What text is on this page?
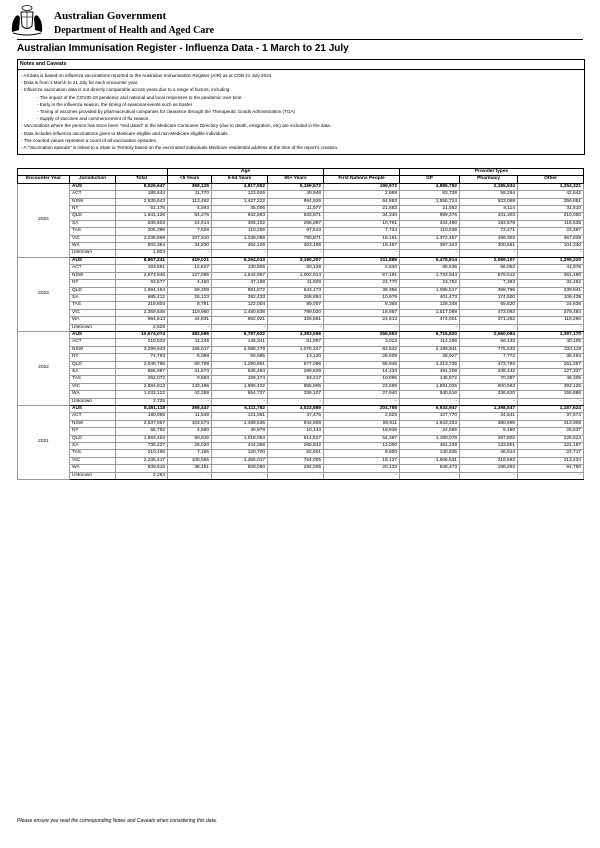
Australian Government
Department of Health and Aged Care
Australian Immunisation Register - Influenza Data - 1 March to 21 July
Notes and Caveats
- All data is based on influenza vaccinations reported to the Australian Immunisation Register (AIR) as at COB 21 July 2024.
- Data is from 1 March to 21 July for each encounter year.
- Influenza vaccination data is not directly comparable across years due to a range of factors, including:
- The impact of the COVID-19 pandemic and national and local responses to the pandemic over time
- Early in the influenza season, the timing of seasonal events such as Easter
- Timing of vaccines provided by pharmaceutical companies for clearance through the Therapeutic Goods Administration (TGA)
- Supply of vaccines and commencement of flu season.
- Vaccinations where the person has since been "end dated" in the Medicare Consumer Directory (due to death, emigration, etc) are included in the data.
- Data includes influenza vaccinations given to Medicare eligible and non-Medicare eligible individuals.
- The counted values represent a count of all vaccination episodes.
- A "Vaccination episode" is linked to a State or Territory based on the vaccinated individuals Medicare residential address at the time of the report's creation.
			Age				Provider types		
Encounter Year	Jurisdiction	Total	<5 Years	5-64 Years	65+ Years	First Nations People	GP	Pharmacy	Other
2024	AUS	8,526,647	369,125	4,817,952	5,159,572	199,972	4,886,792	2,185,534	1,254,321
	ACT	185,644	11,770	123,926	49,948	2,668	83,738	59,264	42,642
	NSW	2,535,643	113,462	1,427,222	994,926	64,683	1,555,724	623,068	356,851
	NT	61,176	4,593	45,006	11,577	21,683	21,552	8,114	31,510
	QLD	1,641,126	64,275	942,683	633,871	34,340	999,376	431,303	210,050
	SA	636,603	24,614	365,102	266,887	10,751	344,490	193,578	118,535
	TAS	205,396	7,628	110,255	87,513	7,734	110,538	72,471	22,387
	VIC	2,236,859	107,910	1,338,088	790,871	18,191	1,372,457	499,303	367,839
	WA	802,364	34,830	464,126	303,405	19,467	397,343	300,681	104,340
	Unknown	1,803	-	-	-	-	-	-	-
2023	AUS	8,867,241	419,021	5,264,013	3,190,207	211,886	5,478,914	2,089,107	1,299,220
	ACT	193,561	12,627	130,805	50,129	2,640	95,535	56,052	41,976
	NSW	2,673,946	127,065	1,544,967	1,002,914	67,191	1,733,944	579,512	361,490
	NT	63,577	4,460	47,188	11,929	22,770	23,752	7,363	32,462
	QLD	1,694,154	69,309	981,872	643,173	36,356	1,085,517	368,796	239,841
	SA	685,412	26,123	392,433	266,854	10,979	401,473	174,500	109,439
	TAS	219,804	8,791	122,004	89,007	8,368	128,348	65,820	24,636
	VIC	2,369,646	119,960	1,450,636	799,020	18,857	1,517,069	473,093	379,484
	WA	964,613	44,831	592,921	326,861	24,613	474,001	371,252	119,260
	Unknown	2,528	-	-	-	-	-	-	-
2022	AUS	10,674,074	482,596	6,797,922	3,393,556	255,553	6,716,820	2,560,084	1,397,170
	ACT	210,533	11,245	145,341	51,897	3,013	114,295	56,133	40,105
	NSW	3,299,643	156,017	2,068,279	1,075,347	82,542	2,189,941	775,533	334,119
	NT	74,793	5,088	56,585	13,120	28,009	28,927	7,772	38,494
	QLD	2,048,786	80,799	1,290,891	677,096	65,946	1,313,736	473,793	261,257
	SA	856,987	31,674	535,484	289,829	14,234	491,208	238,442	127,337
	TAS	262,072	9,683	159,174	93,417	10,095	145,972	70,387	46,305
	VIC	2,884,813	143,486	1,885,422	855,905	23,599	1,891,025	600,663	393,125
	WA	1,033,122	42,288	654,727	336,107	27,940	540,616	336,620	155,886
	Unknown	2,725	-	-	-	-	-	-	-
2021	AUS	8,491,118	355,447	5,111,782	3,023,889	204,755	5,934,947	1,398,547	1,157,624
	ACT	180,085	11,549	121,061	47,475	2,629	107,770	34,641	37,674
	NSW	2,537,957	103,574	1,489,535	944,808	69,611	1,843,333	380,696	313,908
	NT	55,782	4,660	40,979	10,143	18,936	24,555	5,190	25,637
	QLD	1,693,404	60,815	1,018,064	614,527	54,387	1,180,078	287,802	225,524
	SA	736,227	26,020	444,365	265,842	12,000	481,239	133,801	121,187
	TAS	210,466	7,165	120,700	82,601	8,600	140,835	46,914	22,717
	VIC	2,235,417	105,555	1,366,017	764,005	18,127	1,606,631	315,592	313,434
	WA	839,516	36,451	509,060	294,005	20,133	548,473	195,293	94,750
	Unknown	2,284	-	-	-	-	-	-	-
Please ensure you read the corresponding Notes and Caveats when considering this data.
